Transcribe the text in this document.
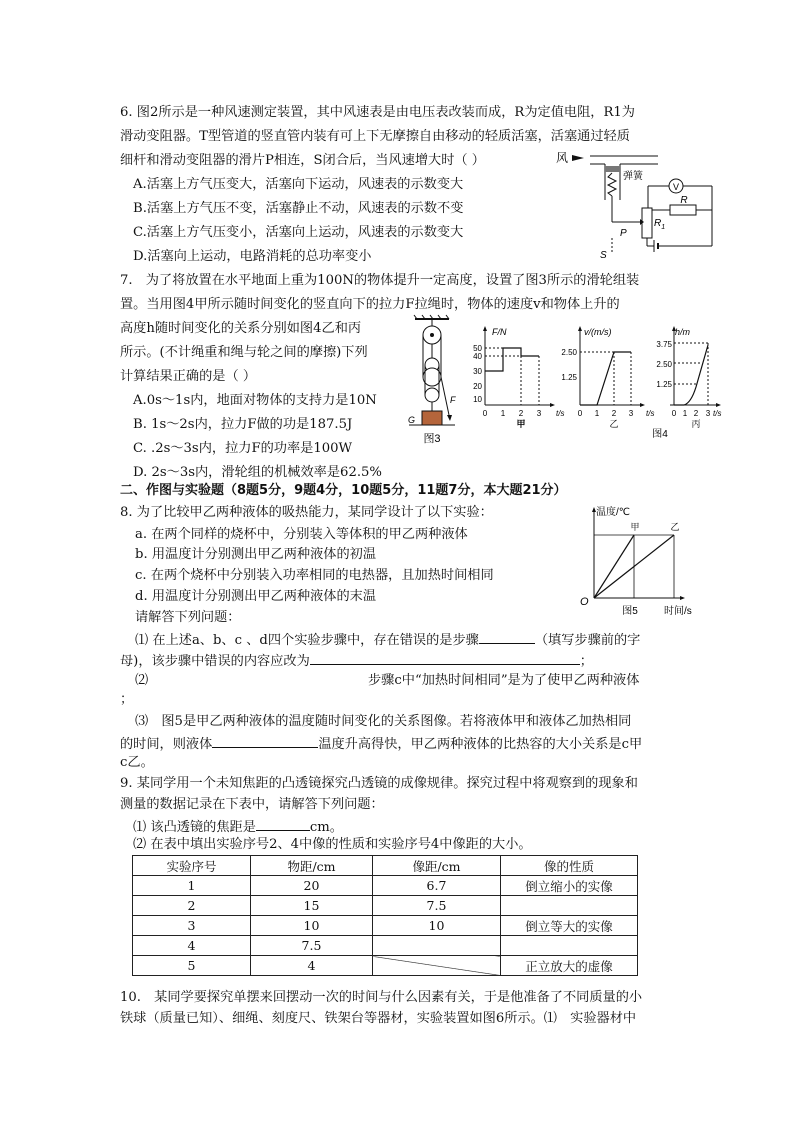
6. 图2所示是一种风速测定装置，其中风速表是由电压表改装而成，R为定值电阻，R1为
滑动变阻器。T型管道的竖直管内装有可上下无摩擦自由移动的轻质活塞，活塞通过轻质
细杆和滑动变阻器的滑片P相连，S闭合后，当风速增大时（ ）
A.活塞上方气压变大，活塞向下运动，风速表的示数变大
B.活塞上方气压不变，活塞静止不动，风速表的示数不变
C.活塞上方气压变小，活塞向上运动，风速表的示数变大
D.活塞向上运动，电路消耗的总功率变小
风
弹簧
V
$R_1$
R
P
S
7.　为了将放置在水平地面上重为100N的物体提升一定高度，设置了图3所示的滑轮组装
置。当用图4甲所示随时间变化的竖直向下的拉力F拉绳时，物体的速度v和物体上升的
高度h随时间变化的关系分别如图4乙和丙
所示。(不计绳重和绳与轮之间的摩擦)下列
计算结果正确的是（ ）
A.0s～1s内，地面对物体的支持力是10N
B. 1s～2s内，拉力F做的功是187.5J
C. .2s～3s内，拉力F的功率是100W
D. 2s～3s内，滑轮组的机械效率是62.5%
F
G
图3
F/N
50
40
30
20
10
0 1 2 3 t/s
甲
v/(m/s)
2.50
1.25
0 1 2 3 t/s
乙
h/m
图4
3.75
2.50
1.25
0 1 2 3 t/s
丙
二、作图与实验题（8题5分，9题4分，10题5分，11题7分，本大题21分）
8. 为了比较甲乙两种液体的吸热能力，某同学设计了以下实验：
a. 在两个同样的烧杯中，分别装入等体积的甲乙两种液体
b. 用温度计分别测出甲乙两种液体的初温
c. 在两个烧杯中分别装入功率相同的电热器，且加热时间相同
d. 用温度计分别测出甲乙两种液体的末温
请解答下列问题：
⑴ 在上述a、b、c 、d四个实验步骤中，存在错误的是步骤	（填写步骤前的字
母)，该步骤中错误的内容应改为	；
⑵	步骤c中“加热时间相同”是为了使甲乙两种液体
；
⑶　图5是甲乙两种液体的温度随时间变化的关系图像。若将液体甲和液体乙加热相同
的时间，则液体	温度升高得快，甲乙两种液体的比热容的大小关系是c甲
c乙。
温度/℃
甲	乙
O
图5	时间/s
9. 某同学用一个未知焦距的凸透镜探究凸透镜的成像规律。探究过程中将观察到的现象和
测量的数据记录在下表中，请解答下列问题：
⑴ 该凸透镜的焦距是	cm。
⑵ 在表中填出实验序号2、4中像的性质和实验序号4中像距的大小。
实验序号	物距/cm	像距/cm	像的性质
1	20	6.7	倒立缩小的实像
2	15	7.5	
3	10	10	倒立等大的实像
4	7.5		
5	4		正立放大的虚像
10.　某同学要探究单摆来回摆动一次的时间与什么因素有关，于是他准备了不同质量的小
铁球（质量已知）、细绳、刻度尺、铁架台等器材，实验装置如图6所示。⑴　实验器材中
